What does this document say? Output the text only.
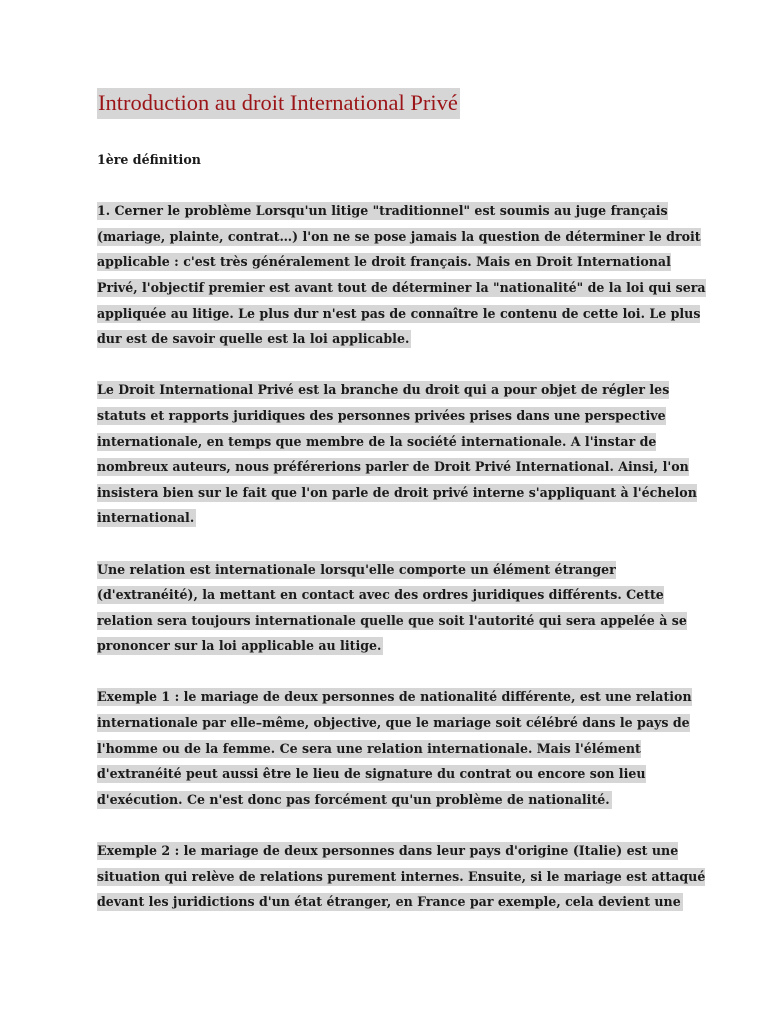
Introduction au droit International Privé
1ère définition

1. Cerner le problème Lorsqu'un litige "traditionnel" est soumis au juge français
(mariage, plainte, contrat…) l'on ne se pose jamais la question de déterminer le droit
applicable : c'est très généralement le droit français. Mais en Droit International
Privé, l'objectif premier est avant tout de déterminer la "nationalité" de la loi qui sera
appliquée au litige. Le plus dur n'est pas de connaître le contenu de cette loi. Le plus
dur est de savoir quelle est la loi applicable.

Le Droit International Privé est la branche du droit qui a pour objet de régler les
statuts et rapports juridiques des personnes privées prises dans une perspective
internationale, en temps que membre de la société internationale. A l'instar de
nombreux auteurs, nous préférerions parler de Droit Privé International. Ainsi, l'on
insistera bien sur le fait que l'on parle de droit privé interne s'appliquant à l'échelon
international.

Une relation est internationale lorsqu'elle comporte un élément étranger
(d'extranéité), la mettant en contact avec des ordres juridiques différents. Cette
relation sera toujours internationale quelle que soit l'autorité qui sera appelée à se
prononcer sur la loi applicable au litige.

Exemple 1 : le mariage de deux personnes de nationalité différente, est une relation
internationale par elle–même, objective, que le mariage soit célébré dans le pays de
l'homme ou de la femme. Ce sera une relation internationale. Mais l'élément
d'extranéité peut aussi être le lieu de signature du contrat ou encore son lieu
d'exécution. Ce n'est donc pas forcément qu'un problème de nationalité.

Exemple 2 : le mariage de deux personnes dans leur pays d'origine (Italie) est une
situation qui relève de relations purement internes. Ensuite, si le mariage est attaqué
devant les juridictions d'un état étranger, en France par exemple, cela devient une
